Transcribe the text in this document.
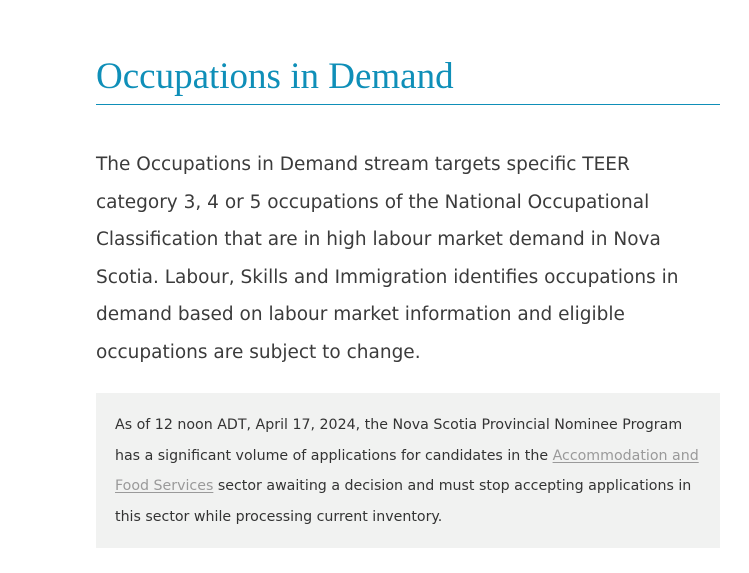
Occupations in Demand

The Occupations in Demand stream targets specific TEER category 3, 4 or 5 occupations of the National Occupational Classification that are in high labour market demand in Nova Scotia. Labour, Skills and Immigration identifies occupations in demand based on labour market information and eligible occupations are subject to change.

As of 12 noon ADT, April 17, 2024, the Nova Scotia Provincial Nominee Program has a significant volume of applications for candidates in the Accommodation and Food Services sector awaiting a decision and must stop accepting applications in this sector while processing current inventory.
